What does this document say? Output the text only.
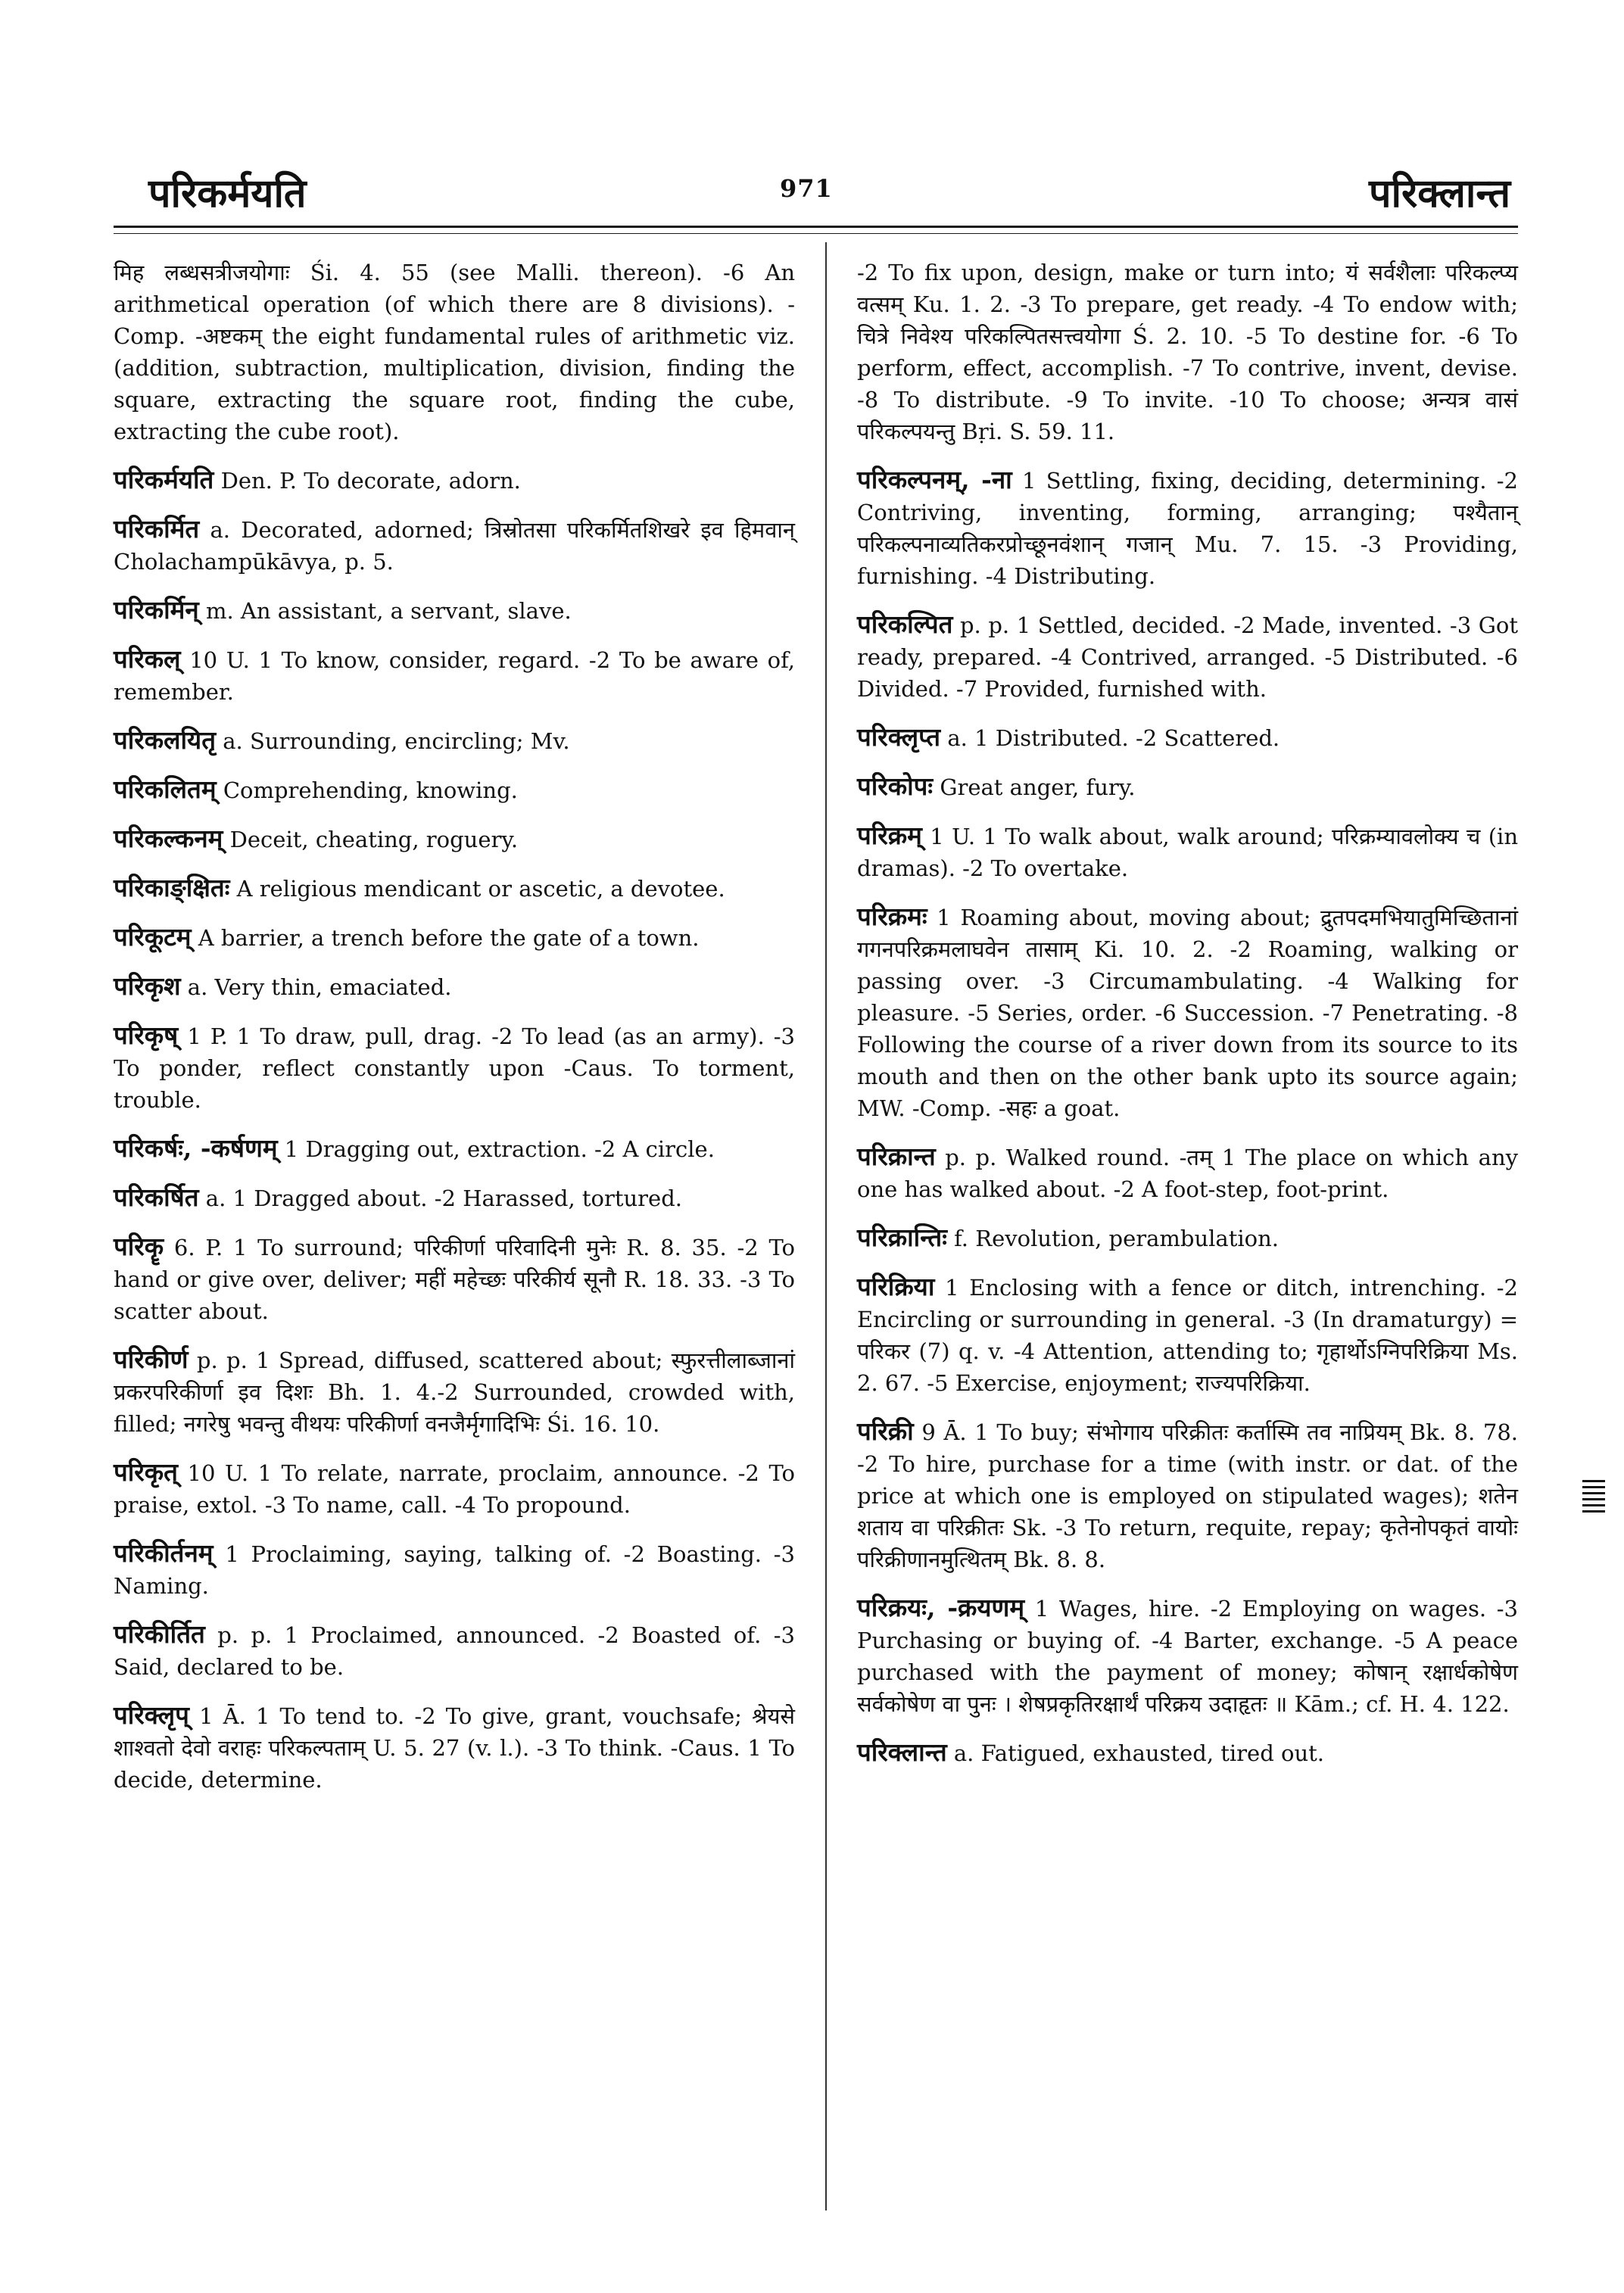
परिकर्मयति	971	परिक्लान्त
मिह लब्धसत्रीजयोगाः Śi. 4. 55 (see Malli. thereon). -6 An arithmetical operation (of which there are 8 divisions). -Comp. -अष्टकम् the eight fundamental rules of arithmetic viz. (addition, subtraction, multiplication, division, finding the square, extracting the square root, finding the cube, extracting the cube root).
परिकर्मयति Den. P. To decorate, adorn.
परिकर्मित a. Decorated, adorned; त्रिस्रोतसा परिकर्मितशिखरे इव हिमवान् Cholachampūkāvya, p. 5.
परिकर्मिन् m. An assistant, a servant, slave.
परिकल् 10 U. 1 To know, consider, regard. -2 To be aware of, remember.
परिकलयितृ a. Surrounding, encircling; Mv.
परिकलितम् Comprehending, knowing.
परिकल्कनम् Deceit, cheating, roguery.
परिकाङ्क्षितः A religious mendicant or ascetic, a devotee.
परिकूटम् A barrier, a trench before the gate of a town.
परिकृश a. Very thin, emaciated.
परिकृष् 1 P. 1 To draw, pull, drag. -2 To lead (as an army). -3 To ponder, reflect constantly upon -Caus. To torment, trouble.
परिकर्षः, -कर्षणम् 1 Dragging out, extraction. -2 A circle.
परिकर्षित a. 1 Dragged about. -2 Harassed, tortured.
परिकॄ 6. P. 1 To surround; परिकीर्णा परिवादिनी मुनेः R. 8. 35. -2 To hand or give over, deliver; महीं महेच्छः परिकीर्य सूनौ R. 18. 33. -3 To scatter about.
परिकीर्ण p. p. 1 Spread, diffused, scattered about; स्फुरत्तीलाब्जानां प्रकरपरिकीर्णा इव दिशः Bh. 1. 4.-2 Surrounded, crowded with, filled; नगरेषु भवन्तु वीथयः परिकीर्णा वनजैर्मृगादिभिः Śi. 16. 10.
परिकृत् 10 U. 1 To relate, narrate, proclaim, announce. -2 To praise, extol. -3 To name, call. -4 To propound.
परिकीर्तनम् 1 Proclaiming, saying, talking of. -2 Boasting. -3 Naming.
परिकीर्तित p. p. 1 Proclaimed, announced. -2 Boasted of. -3 Said, declared to be.
परिक्लृप् 1 Ā. 1 To tend to. -2 To give, grant, vouchsafe; श्रेयसे शाश्वतो देवो वराहः परिकल्पताम् U. 5. 27 (v. l.). -3 To think. -Caus. 1 To decide, determine.
-2 To fix upon, design, make or turn into; यं सर्वशैलाः परिकल्प्य वत्सम् Ku. 1. 2. -3 To prepare, get ready. -4 To endow with; चित्रे निवेश्य परिकल्पितसत्त्वयोगा Ś. 2. 10. -5 To destine for. -6 To perform, effect, accomplish. -7 To contrive, invent, devise. -8 To distribute. -9 To invite. -10 To choose; अन्यत्र वासं परिकल्पयन्तु Bṛi. S. 59. 11.
परिकल्पनम्, -ना 1 Settling, fixing, deciding, determining. -2 Contriving, inventing, forming, arranging; पश्यैतान् परिकल्पनाव्यतिकरप्रोच्छूनवंशान् गजान् Mu. 7. 15. -3 Providing, furnishing. -4 Distributing.
परिकल्पित p. p. 1 Settled, decided. -2 Made, invented. -3 Got ready, prepared. -4 Contrived, arranged. -5 Distributed. -6 Divided. -7 Provided, furnished with.
परिक्लृप्त a. 1 Distributed. -2 Scattered.
परिकोपः Great anger, fury.
परिक्रम् 1 U. 1 To walk about, walk around; परिक्रम्यावलोक्य च (in dramas). -2 To overtake.
परिक्रमः 1 Roaming about, moving about; द्रुतपदमभियातुमिच्छितानां गगनपरिक्रमलाघवेन तासाम् Ki. 10. 2. -2 Roaming, walking or passing over. -3 Circumambulating. -4 Walking for pleasure. -5 Series, order. -6 Succession. -7 Penetrating. -8 Following the course of a river down from its source to its mouth and then on the other bank upto its source again; MW. -Comp. -सहः a goat.
परिक्रान्त p. p. Walked round. -तम् 1 The place on which any one has walked about. -2 A foot-step, foot-print.
परिक्रान्तिः f. Revolution, perambulation.
परिक्रिया 1 Enclosing with a fence or ditch, intrenching. -2 Encircling or surrounding in general. -3 (In dramaturgy) = परिकर (7) q. v. -4 Attention, attending to; गृहार्थोऽग्निपरिक्रिया Ms. 2. 67. -5 Exercise, enjoyment; राज्यपरिक्रिया.
परिक्री 9 Ā. 1 To buy; संभोगाय परिक्रीतः कर्तास्मि तव नाप्रियम् Bk. 8. 78. -2 To hire, purchase for a time (with instr. or dat. of the price at which one is employed on stipulated wages); शतेन शताय वा परिक्रीतः Sk. -3 To return, requite, repay; कृतेनोपकृतं वायोः परिक्रीणानमुत्थितम् Bk. 8. 8.
परिक्रयः, -क्रयणम् 1 Wages, hire. -2 Employing on wages. -3 Purchasing or buying of. -4 Barter, exchange. -5 A peace purchased with the payment of money; कोषान् रक्षार्धकोषेण सर्वकोषेण वा पुनः । शेषप्रकृतिरक्षार्थं परिक्रय उदाहृतः ॥ Kām.; cf. H. 4. 122.
परिक्लान्त a. Fatigued, exhausted, tired out.
